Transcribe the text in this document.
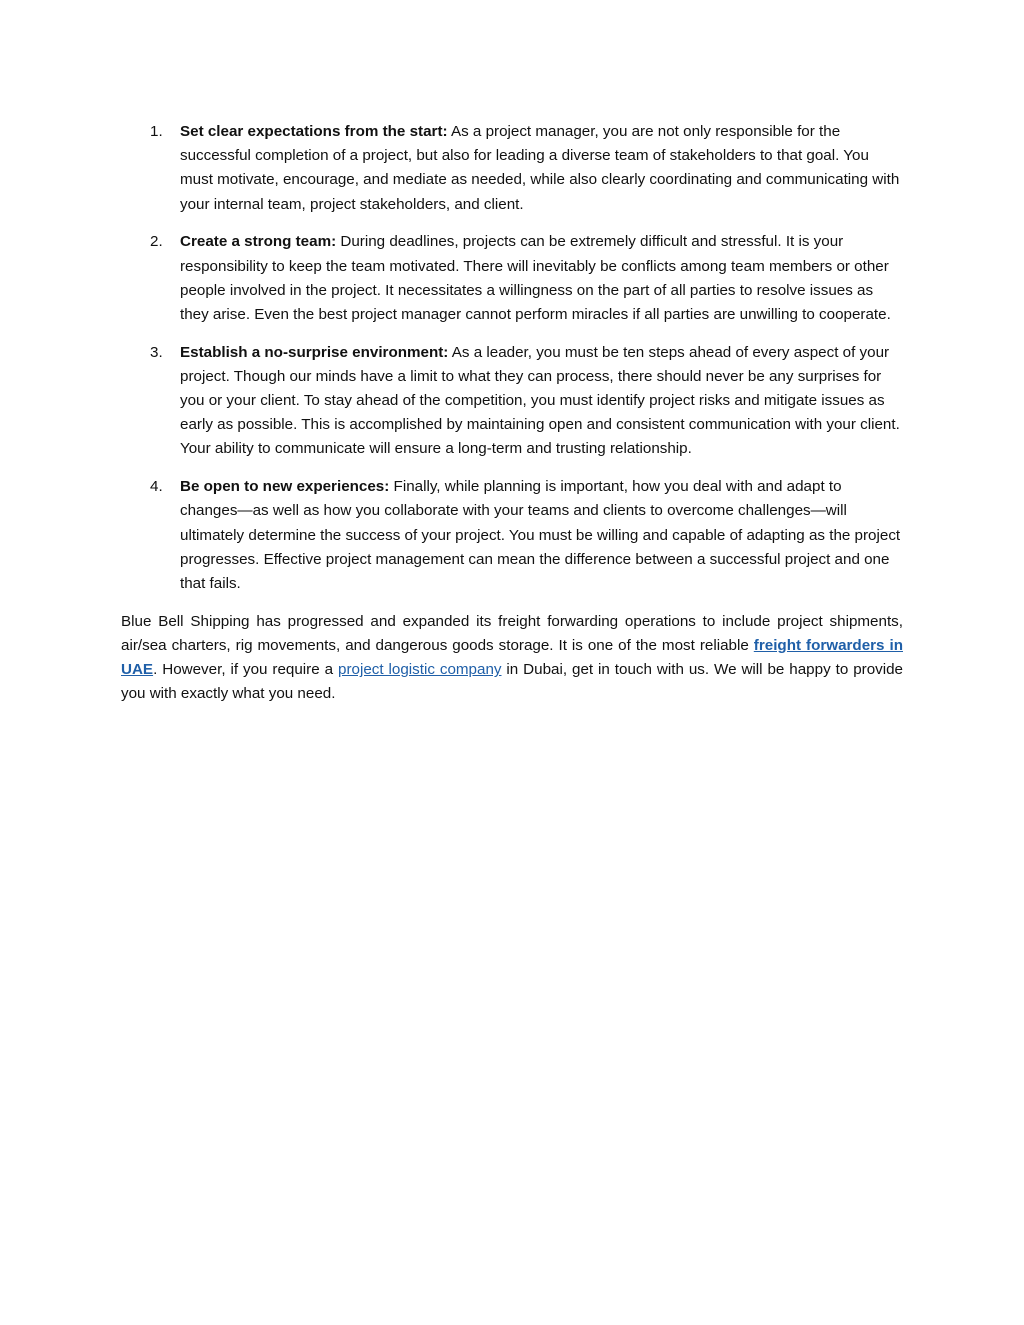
1. Set clear expectations from the start: As a project manager, you are not only responsible for the successful completion of a project, but also for leading a diverse team of stakeholders to that goal. You must motivate, encourage, and mediate as needed, while also clearly coordinating and communicating with your internal team, project stakeholders, and client.
2. Create a strong team: During deadlines, projects can be extremely difficult and stressful. It is your responsibility to keep the team motivated. There will inevitably be conflicts among team members or other people involved in the project. It necessitates a willingness on the part of all parties to resolve issues as they arise. Even the best project manager cannot perform miracles if all parties are unwilling to cooperate.
3. Establish a no-surprise environment: As a leader, you must be ten steps ahead of every aspect of your project. Though our minds have a limit to what they can process, there should never be any surprises for you or your client. To stay ahead of the competition, you must identify project risks and mitigate issues as early as possible. This is accomplished by maintaining open and consistent communication with your client. Your ability to communicate will ensure a long-term and trusting relationship.
4. Be open to new experiences: Finally, while planning is important, how you deal with and adapt to changes—as well as how you collaborate with your teams and clients to overcome challenges—will ultimately determine the success of your project. You must be willing and capable of adapting as the project progresses. Effective project management can mean the difference between a successful project and one that fails.

Blue Bell Shipping has progressed and expanded its freight forwarding operations to include project shipments, air/sea charters, rig movements, and dangerous goods storage. It is one of the most reliable freight forwarders in UAE. However, if you require a project logistic company in Dubai, get in touch with us. We will be happy to provide you with exactly what you need.
